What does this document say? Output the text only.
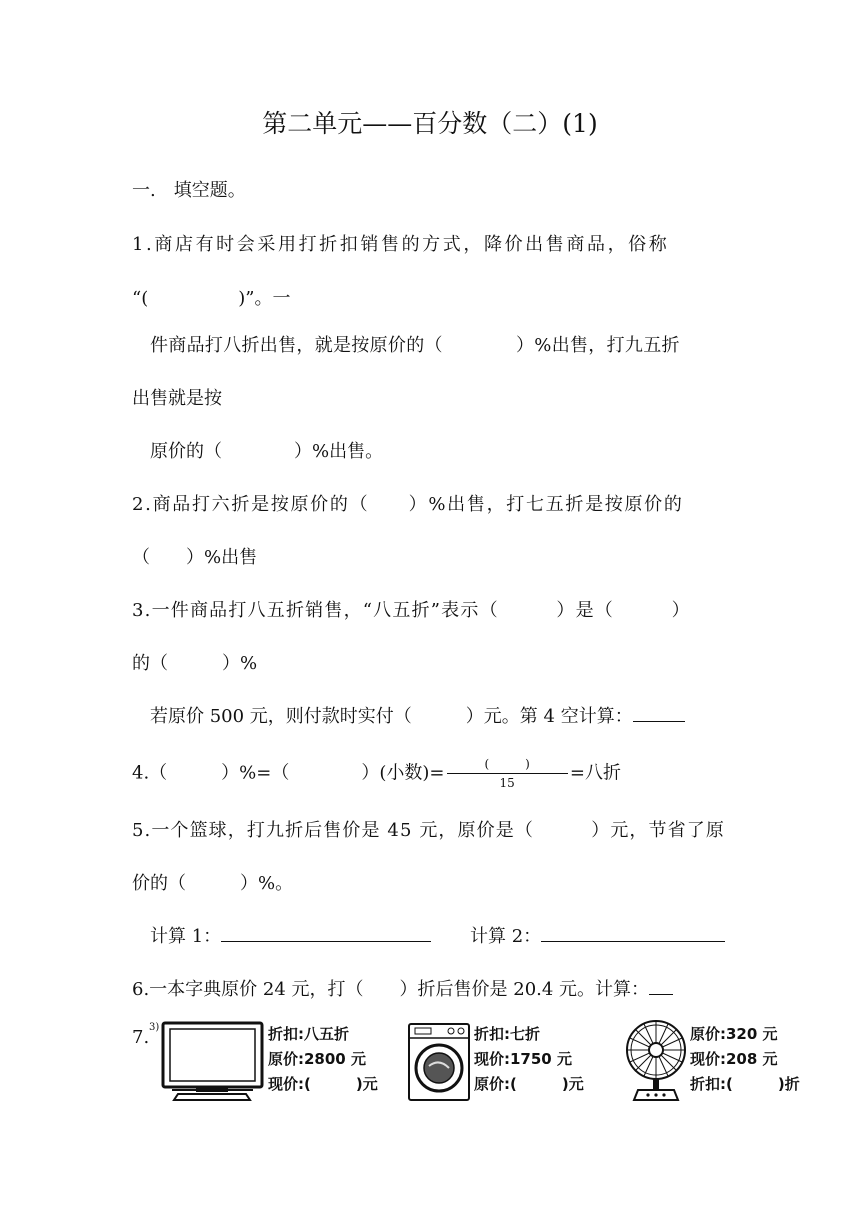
第二单元——百分数（二）(1)
一.　填空题。
1.商店有时会采用打折扣销售的方式，降价出售商品，俗称
“(　　　　　)”。一
件商品打八折出售，就是按原价的（　　　　）%出售，打九五折
出售就是按
原价的（　　　　）%出售。
2.商品打六折是按原价的（　　）%出售，打七五折是按原价的
（　　）%出售
3.一件商品打八五折销售，“八五折”表示（　　　）是（　　　）
的（　　　）%
若原价 500 元，则付款时实付（　　　）元。第 4 空计算：
4.（　　　）%=（　　　　）(小数)= $\frac{( )}{15}$ =八折
5.一个篮球，打九折后售价是 45 元，原价是（　　　）元，节省了原
价的（　　　）%。
计算 1：	计算 2：
6.一本字典原价 24 元，打（　　）折后售价是 20.4 元。计算：
7. 3)	折扣:八五折
原价:2800 元
现价:(　　　)元
折扣:七折
现价:1750 元
原价:(　　　)元
原价:320 元
现价:208 元
折扣:(　　　)折
